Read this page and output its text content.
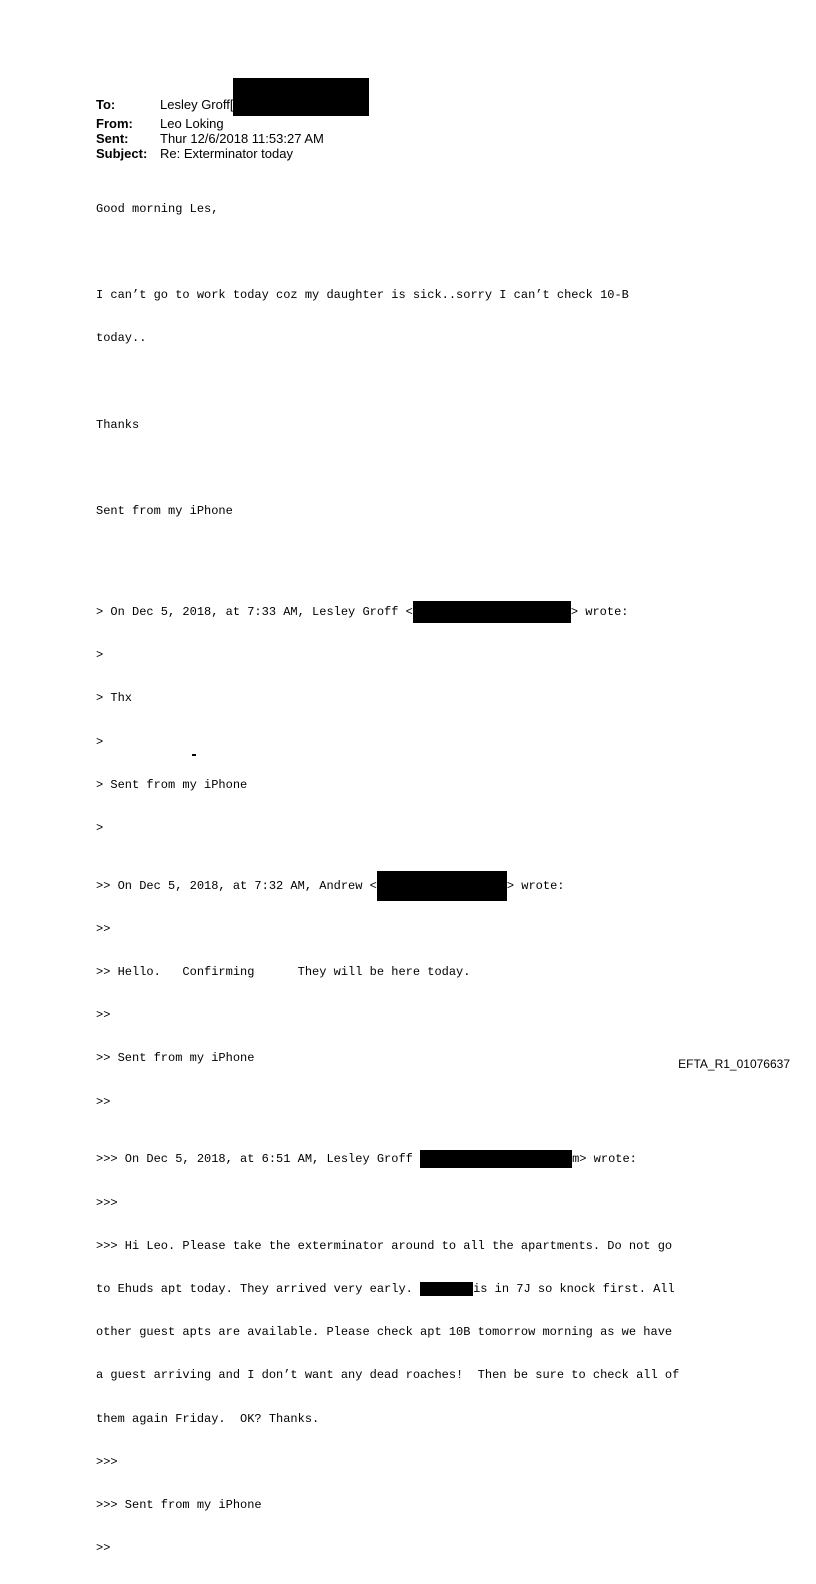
To:	Lesley Groff[
From:	Leo Loking
Sent:	Thur 12/6/2018 11:53:27 AM
Subject: Re: Exterminator today

Good morning Les,

I can’t go to work today coz my daughter is sick..sorry I can’t check 10-B

today..

Thanks

Sent from my iPhone

> On Dec 5, 2018, at 7:33 AM, Lesley Groff <	> wrote:

>

> Thx

>

> Sent from my iPhone

>

>> On Dec 5, 2018, at 7:32 AM, Andrew <	> wrote:

>>

>> Hello.   Confirming      They will be here today.

>>

>> Sent from my iPhone

>>

>>> On Dec 5, 2018, at 6:51 AM, Lesley Groff	m> wrote:

>>>

>>> Hi Leo. Please take the exterminator around to all the apartments. Do not go

to Ehuds apt today. They arrived very early.	is in 7J so knock first. All

other guest apts are available. Please check apt 10B tomorrow morning as we have

a guest arriving and I don’t want any dead roaches!  Then be sure to check all of

them again Friday.  OK? Thanks.

>>>

>>> Sent from my iPhone

>>

EFTA_R1_01076637
